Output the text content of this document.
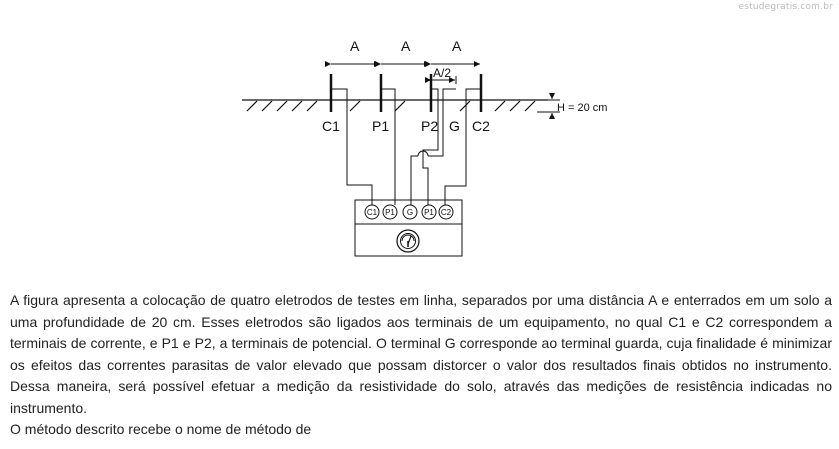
estudegratis.com.br
H = 20 cm
A	A	A
A/2
C1 P1 P2 G C2
C1 P1 G P1 C2

A figura apresenta a colocação de quatro eletrodos de testes em linha, separados por uma distância A e enterrados em um solo a uma profundidade de 20 cm. Esses eletrodos são ligados aos terminais de um equipamento, no qual C1 e C2 correspondem a terminais de corrente, e P1 e P2, a terminais de potencial. O terminal G corresponde ao terminal guarda, cuja finalidade é minimizar os efeitos das correntes parasitas de valor elevado que possam distorcer o valor dos resultados finais obtidos no instrumento. Dessa maneira, será possível efetuar a medição da resistividade do solo, através das medições de resistência indicadas no instrumento.

O método descrito recebe o nome de método de
